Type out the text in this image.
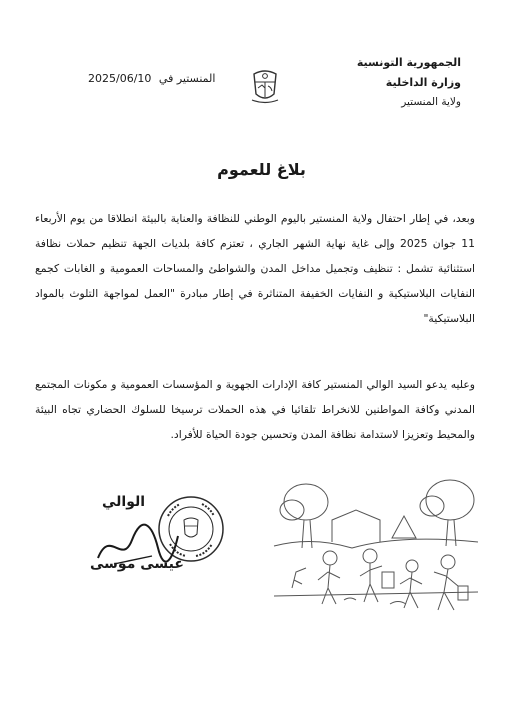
الجمهورية التونسية
وزارة الداخلية
ولاية المنستير
المنستير في 2025/06/10
بلاغ للعموم
وبعد، في إطار احتفال ولاية المنستير باليوم الوطني للنظافة والعناية بالبيئة انطلاقا من يوم الأربعاء 11 جوان 2025 وإلى غاية نهاية الشهر الجاري ، تعتزم كافة بلديات الجهة تنظيم حملات نظافة استثنائية تشمل : تنظيف وتجميل مداخل المدن والشواطئ والمساحات العمومية و الغابات كجمع النفايات البلاستيكية و النفايات الخفيفة المتناثرة في إطار مبادرة "العمل لمواجهة التلوث بالمواد البلاستيكية"
وعليه يدعو السيد الوالي المنستير كافة الإدارات الجهوية و المؤسسات العمومية و مكونات المجتمع المدني وكافة المواطنين للانخراط تلقائيا في هذه الحملات ترسيخا للسلوك الحضاري تجاه البيئة والمحيط وتعزيزا لاستدامة نظافة المدن وتحسين جودة الحياة للأفراد.
الوالي
عيسى موسى
